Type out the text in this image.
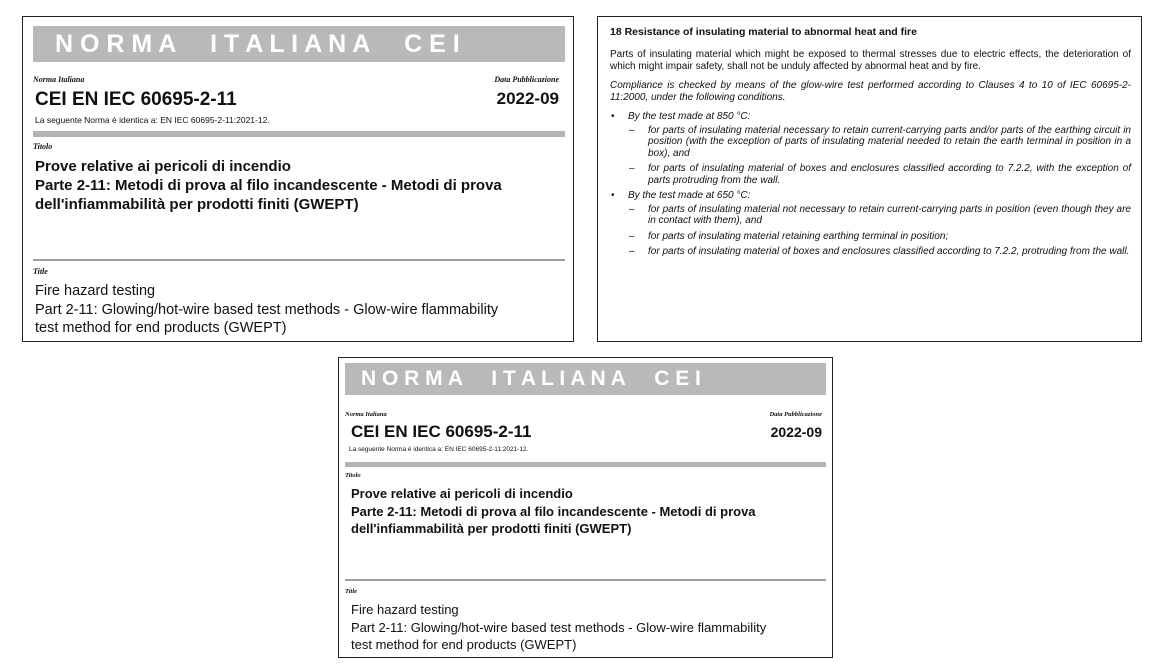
N O R M A     I T A L I A N A     C E I
Norma Italiana	Data Pubblicazione
CEI EN IEC 60695-2-11	2022-09
La seguente Norma è identica a: EN IEC 60695-2-11:2021-12.
Titolo
Prove relative ai pericoli di incendio
Parte 2-11: Metodi di prova al filo incandescente - Metodi di prova
dell'infiammabilità per prodotti finiti (GWEPT)
Title
Fire hazard testing
Part 2-11: Glowing/hot-wire based test methods - Glow-wire flammability
test method for end products (GWEPT)
18 Resistance of insulating material to abnormal heat and fire

Parts of insulating material which might be exposed to thermal stresses due to electric effects, the deterioration of which might impair safety, shall not be unduly affected by abnormal heat and by fire.

Compliance is checked by means of the glow-wire test performed according to Clauses 4 to 10 of IEC 60695-2-11:2000, under the following conditions.

• By the test made at 850 °C:
– for parts of insulating material necessary to retain current-carrying parts and/or parts of the earthing circuit in position (with the exception of parts of insulating material needed to retain the earth terminal in position in a box), and
– for parts of insulating material of boxes and enclosures classified according to 7.2.2, with the exception of parts protruding from the wall.
• By the test made at 650 °C:
– for parts of insulating material not necessary to retain current-carrying parts in position (even though they are in contact with them), and
– for parts of insulating material retaining earthing terminal in position;
– for parts of insulating material of boxes and enclosures classified according to 7.2.2, protruding from the wall.
N O R M A     I T A L I A N A     C E I
Norma Italiana	Data Pubblicazione
CEI EN IEC 60695-2-11	2022-09
La seguente Norma è identica a: EN IEC 60695-2-11:2021-12.
Titolo
Prove relative ai pericoli di incendio
Parte 2-11: Metodi di prova al filo incandescente - Metodi di prova
dell'infiammabilità per prodotti finiti (GWEPT)
Title
Fire hazard testing
Part 2-11: Glowing/hot-wire based test methods - Glow-wire flammability
test method for end products (GWEPT)
